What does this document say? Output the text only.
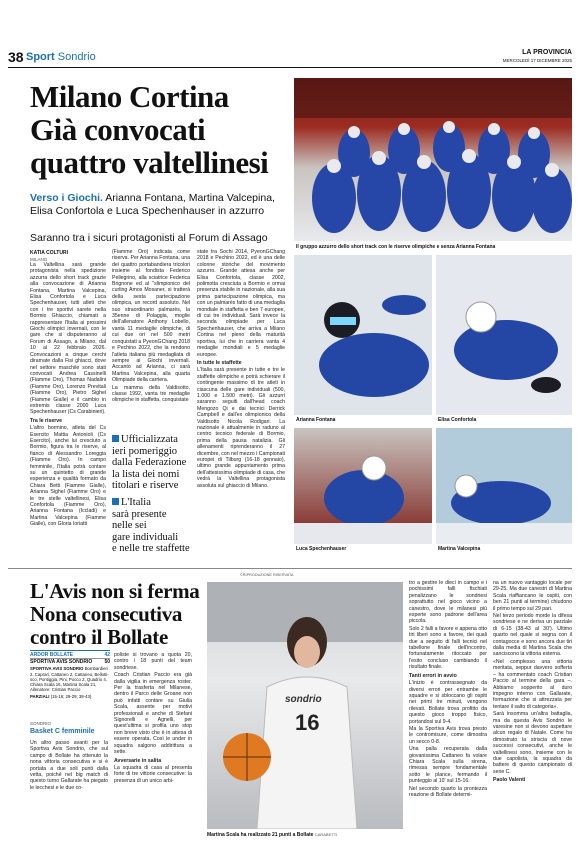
38 Sport Sondrio	LA PROVINCIA
MERCOLEDÌ 17 DICEMBRE 2025
Milano Cortina
Già convocati
quattro valtellinesi
Verso i Giochi. Arianna Fontana, Martina Valcepina, Elisa Confortola e Luca Spechenhauser in azzurro
Saranno tra i sicuri protagonisti al Forum di Assago
KATIA COLTURI
MILANO

La Valtellina sarà grande protagonista nella spedizione azzurra dello short track grazie alla convocazione di Arianna Fontana, Martina Valcepina, Elisa Confortola e Luca Spechenhauser, tutti atleti che con i tre sportivi sarete nella Bormio Ghiaccio, chiamati a rappresentare l'Italia ai prossimi Giochi olimpici invernali, con le gare che si disputeranno al Forum di Assago, a Milano, dal 10 al 22 febbraio 2026. Convocazioni a cinque cerchi diramate dalla Fisi ghiacci, dove nel settore maschile sono stati convocati Andrea Cassinelli (Fiamme Oro), Thomas Nadalini (Fiamme Oro), Lorenzo Previtali (Fiamme Oro), Pietro Sighel (Fiamme Gialle) e il cambio in extremis classe 2000 Luca Spechenhauser (Cs Carabinieri).

Tra le riserve

L'altro bormino, atleta del Cs Esercito Mattia Antonioli (Cs Esercito), anche lui cresciuto a Bormio, figura tra le riserve, al fianco di Alessandro Loreggia (Fiamme Oro). In campo femminile, l'Italia potrà contare su un quintetto di grande esperienza e qualità formato da Chiara Betti (Fiamme Gialle), Arianna Sighel (Fiamme Oro) e le tre stelle valtellinesi, Elisa Confortola (Fiamme Oro), Arianna Fontana (Iccladi) e Martina Valcepina (Fiamme Gialle), con Gloria Ioriatti

(Fiamme Oro) indicata come riserva. Per Arianna Fontana, una dei quattro portabandiera tricolori insieme al fondista Federico Pellegrino, alla sciatrice Federica Brignone ed al "slimpionico del curling Amos Mosaner, si tratterà della sesta partecipazione olimpica, un record assoluto. Nel suo straordinario palmarès, la 35enne di Polaggia, moglie dell'allenatore Anthony Lobello, vanta 11 medaglie olimpiche, di cui due ori nel 500 metri conquistati a PyeonGChang 2018 e Pechino 2022, che la rendono l'atleta italiana più medagliata di sempre ai Giochi invernali. Accanto ad Arianna, ci sarà Martina Valcepina, alla quarta Olimpiade della carriera.

La mamma della Valdisotto, classe 1992, vanta tre medaglie olimpiche in staffetta, conquistate

Ufficializzata
ieri pomeriggio
dalla Federazione
la lista dei nomi
titolari e riserve
L'Italia
sarà presente
nelle sei
gare individuali
e nelle tre staffette

state tra Sochi 2014, PyeonGChang 2018 e Pechino 2022, ed è una delle colonne storiche del movimento azzurro. Grande attesa anche per Elisa Confortola, classe 2002, polimotta cresciuta a Bormio e ormai presenza stabile in nazionale, alla sua prima partecipazione olimpica, ma con un palmarès fatto di una medaglia mondiale in staffetta e ben 7 europee, di cui tre individuali. Sarà invece la seconda olimpiade per Luca Spechenhauser, che arriva a Milano Cortina nel pieno della maturità sportiva, lui che in carriera vanta 4 medaglie mondiali e 5 medaglie europee.

In tutte le staffette

L'Italia sarà presente in tutte e tre le staffette olimpiche e potrà schierare il contingente massimo di tre atleti in ciascuna delle gare individuali (500, 1.000 e 1.500 metri). Gli azzurri saranno seguiti dall'head coach Mengozo Qi e dai tecnici Derrick Campbell e dall'ex olimpionico della Valdisotto Nicola Rodigari. La nazionale è attualmente in raduno al centro tecnico federale di Bormio, prima della pausa natalizia. Gli allenamenti riprenderanno il 27 dicembre, con nel mezzo i Campionati europei di Tilburg (16-18 gennaio), ultimo grande appuntamento prima dell'attesissima olimpiade di casa, che vedrà la Valtellina protagonista assoluta sul ghiaccio di Milano.

©RIPRODUZIONE RISERVATA
Il gruppo azzurro dello short track con le riserve olimpiche e senza Arianna Fontana
Arianna Fontana	Elisa Confortola
Luca Spechenhauser	Martina Valcepina
L'Avis non si ferma
Nona consecutiva
contro il Bollate
ARDOR BOLLATE	42
SPORTIVA AVIS SONDRIO 50
SPORTIVA AVIS SONDRIO Bombardieri 2, Caprari, Cattaneo 2, Cattaneo, Bellotti-sco, Pontiggia, Pini, Pocco 2, Quadrio 4, Chiara Scala 16, Martina Scala 21, Allenatore: Cristian Paccio
PARZIALI (15-16; 29-29; 38-43)
SONDRIO
Basket C femminile

Un altro passo avanti per la Sportiva Avis Sondrio, che sul campo di Bollate ha ottenuto la nona vittoria consecutiva e si è portata a due soli punti dalla vetta, poiché nel big match di questo turno Gallarate ha piegato le lecchesi e le due co-

poliste si trovano a quota 20, contro i 18 punti del team sondriese.

Coach Cristian Paccio era già dalla vigilia in emergenza roster. Per la trasferta nel Milanese, dentro il Parco delle Groane non può infatti contare su Giulia Scala, assente per motivi professionali e anche di Stefani Signorelli e Agnelli, per quest'ultima si profila uno stop non breve visto che è in attesa di essere operata. Così le under in squadra salgono addirittura a sette.

Avversarie in salita

La squadra di casa al presenta forte di tre vittorie consecutive: la presenza di un unico arbi-

sondrio
16
Martina Scala ha realizzato 21 punti a Bollate CARABETTI

tro a gestire le dieci in campo e i pochissimi falli fischiati penalizzano le sondriesi soprattutto nel gioco vicino a canestro, dove le milanesi più esperte sono padrone dell'area piccola.

Solo 2 falli a favore e appena otto tiri liberi sono a favore, dei quali due a seguito di falli tecnici nel tabellone finale dell'incontro, fortunatamente ritoccato per l'esito concluso cambiando il risultato finale.

Tanti errori in avvio

L'inizio è contrassegnato da diversi errori per entrambe le squadre e si sbloccano gli ospiti nei primi tre minuti, vengono rilevati. Bollate trova profitto da questo gioco troppo fisico, portandosi sul 9-4.

Ma la Sportiva Avis trova presto le contromisure, come dimostra un secco 0-8.

Una palla recuperata dalla giovanissima Cattaneo fa volare Chiara Scala sulla sirena, rimessa sempre fondamentale sotto le plance, fermando il punteggio al 10' sul 15-16.

Nel secondo quarto la prontezza reazione di Bollate determi-

na un nuovo vantaggio locale per 29-25. Ma due canestri di Martina Scala riaffiancano le ospiti, con ben 21 punti al termine) chiudono il primo tempo sul 29 pari.

Nel terzo periodo morde la difesa sondriese e ne deriva un parziale di 6-15 (38-43 al 30'). Ultimo quarto nel quale si segna con il contagocce e sono ancora due tiri dalla media di Martina Scala che sanciscono la vittoria esterna.

«Nel complesso una vittoria meritata, seppur davvero sofferta – ha commentato coach Cristian Paccio al termine della gara –. Abbiamo sopperito al duro impegno interno con Gallarate, formazione che si attrezzata per tentare il salto di categoria».

Sarà insomma un'altra battaglia, ma da questa Avis Sondrio le varesine non si devono aspettare alcun regalo di Natale. Come ha dimostrato la striscia di nove successi consecutivi, anche le valtellinesi sono, insieme con le due capolista, la squadra da battere di questo campionato di serie C.

Paolo Valenti
